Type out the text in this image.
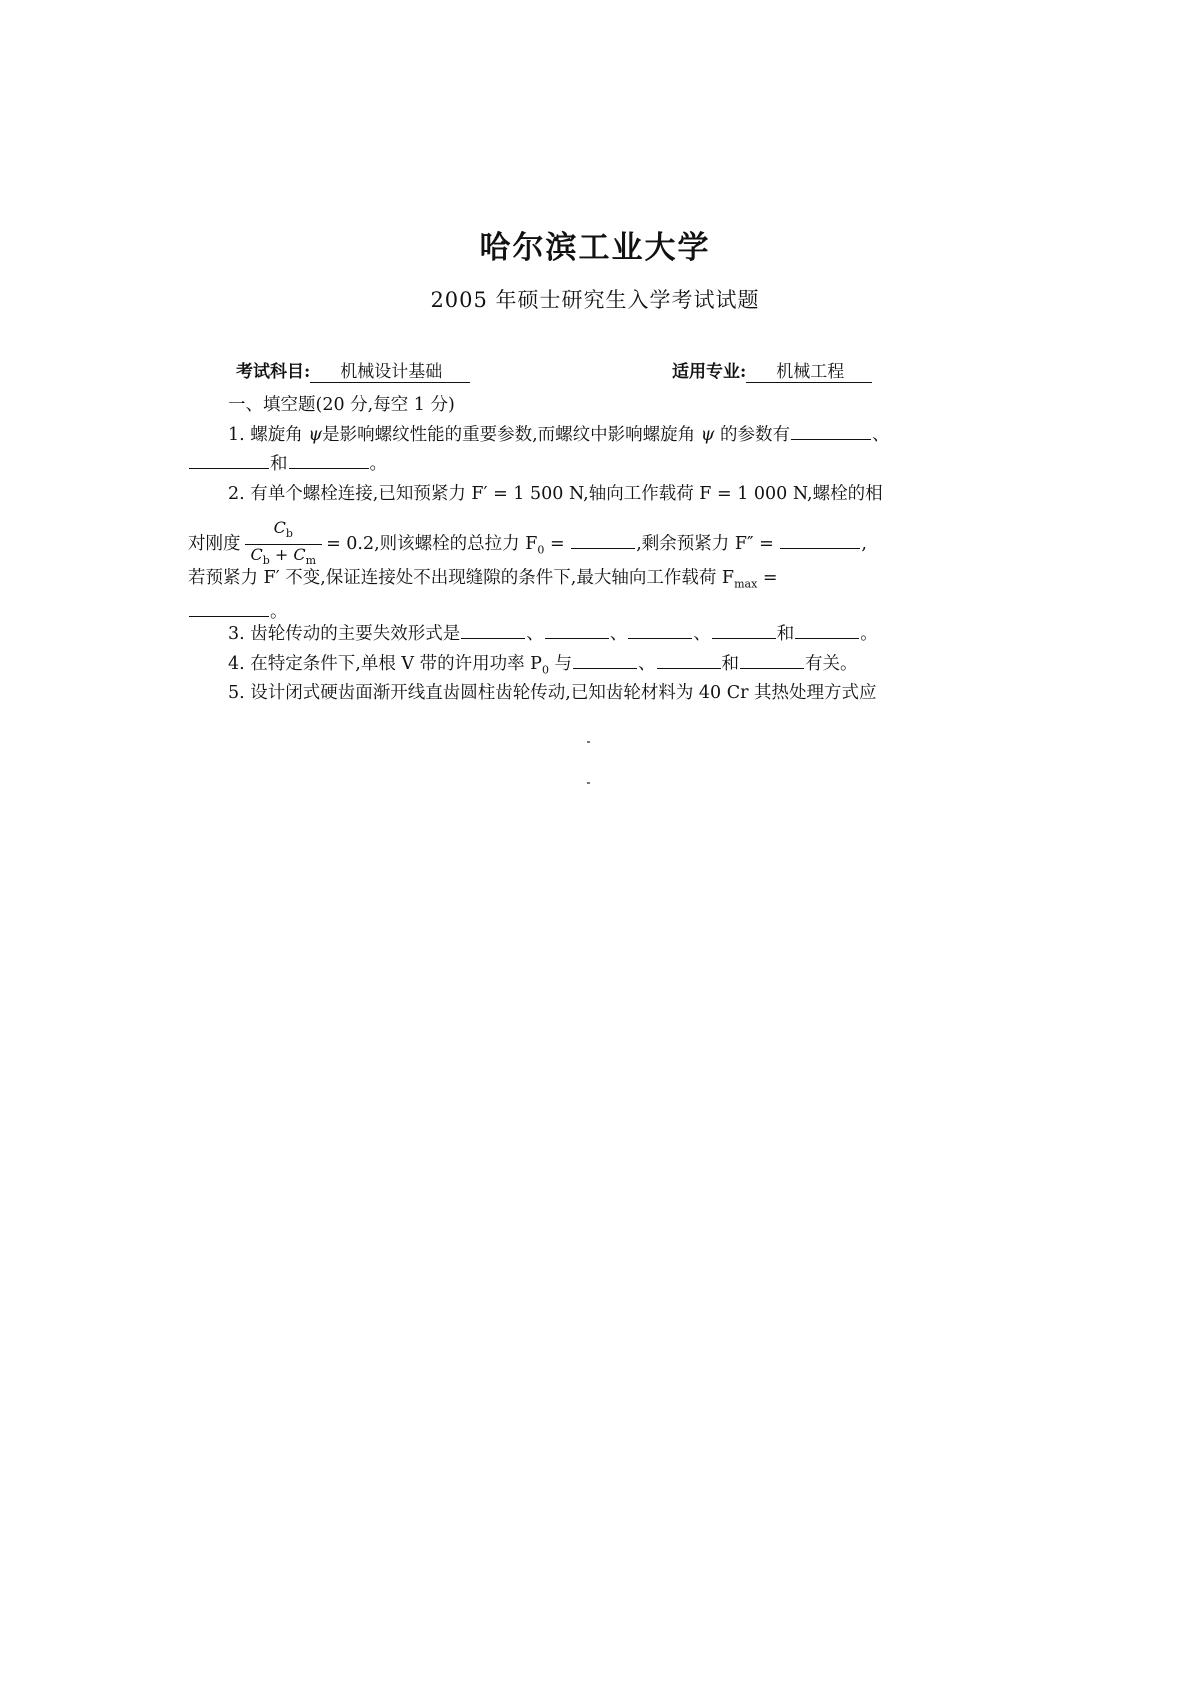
哈尔滨工业大学
2005 年硕士研究生入学考试试题
考试科目: 机械设计基础	适用专业: 机械工程
一、填空题(20 分,每空 1 分)
1. 螺旋角 ψ是影响螺纹性能的重要参数,而螺纹中影响螺旋角 ψ 的参数有	、
和	。
2. 有单个螺栓连接,已知预紧力 F′ = 1 500 N,轴向工作载荷 F = 1 000 N,螺栓的相
对刚度 $\frac{C_b}{C_b + C_m} = 0.2$,则该螺栓的总拉力 $F_0$ =	,剩余预紧力 F″ =	,
若预紧力 F′ 不变,保证连接处不出现缝隙的条件下,最大轴向工作载荷 $F_{max}$ =
。
3. 齿轮传动的主要失效形式是	、	、	、	和	。
4. 在特定条件下,单根 V 带的许用功率 $P_0$ 与	、	和	有关。
5. 设计闭式硬齿面渐开线直齿圆柱齿轮传动,已知齿轮材料为 40 Cr 其热处理方式应
